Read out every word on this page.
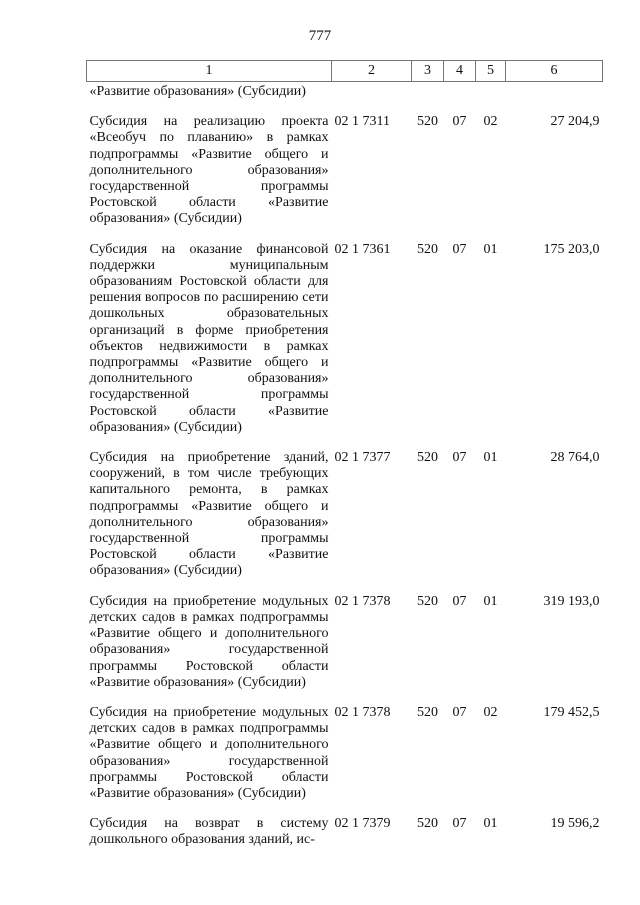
777
1	2	3	4	5	6
«Развитие образования» (Субсидии)					

Субсидия на реализацию проекта «Всеобуч по плаванию» в рамках подпрограммы «Развитие общего и дополнительного образования» государственной программы Ростовской области «Развитие образования» (Субсидии)	02 1 7311	520	07	02	27 204,9

Субсидия на оказание финансовой поддержки муниципальным образованиям Ростовской области для решения вопросов по расширению сети дошкольных образовательных организаций в форме приобретения объектов недвижимости в рамках подпрограммы «Развитие общего и дополнительного образования» государственной программы Ростовской области «Развитие образования» (Субсидии)	02 1 7361	520	07	01	175 203,0

Субсидия на приобретение зданий, сооружений, в том числе требующих капитального ремонта, в рамках подпрограммы «Развитие общего и дополнительного образования» государственной программы Ростовской области «Развитие образования» (Субсидии)	02 1 7377	520	07	01	28 764,0

Субсидия на приобретение модульных детских садов в рамках подпрограммы «Развитие общего и дополнительного образования» государственной программы Ростовской области «Развитие образования» (Субсидии)	02 1 7378	520	07	01	319 193,0

Субсидия на приобретение модульных детских садов в рамках подпрограммы «Развитие общего и дополнительного образования» государственной программы Ростовской области «Развитие образования» (Субсидии)	02 1 7378	520	07	02	179 452,5

Субсидия на возврат в систему дошкольного образования зданий, ис-	02 1 7379	520	07	01	19 596,2
